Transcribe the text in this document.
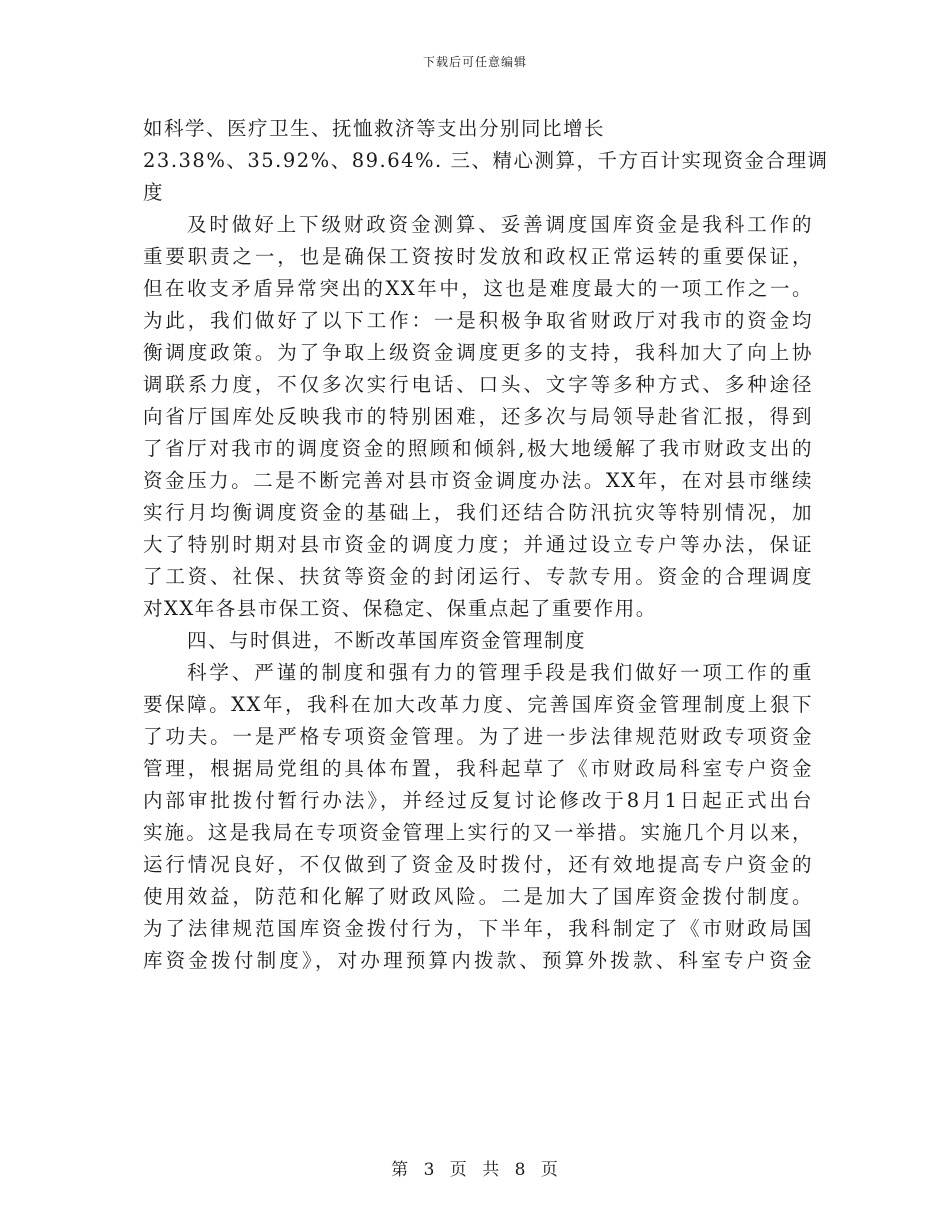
下载后可任意编辑
如科学、医疗卫生、抚恤救济等支出分别同比增长
23.38%、35.92%、89.64%. 三、精心测算，千方百计实现资金合理调
度
及时做好上下级财政资金测算、妥善调度国库资金是我科工作的
重要职责之一，也是确保工资按时发放和政权正常运转的重要保证，
但在收支矛盾异常突出的XX年中，这也是难度最大的一项工作之一。
为此，我们做好了以下工作：一是积极争取省财政厅对我市的资金均
衡调度政策。为了争取上级资金调度更多的支持，我科加大了向上协
调联系力度，不仅多次实行电话、口头、文字等多种方式、多种途径
向省厅国库处反映我市的特别困难，还多次与局领导赴省汇报，得到
了省厅对我市的调度资金的照顾和倾斜,极大地缓解了我市财政支出的
资金压力。二是不断完善对县市资金调度办法。XX年，在对县市继续
实行月均衡调度资金的基础上，我们还结合防汛抗灾等特别情况，加
大了特别时期对县市资金的调度力度；并通过设立专户等办法，保证
了工资、社保、扶贫等资金的封闭运行、专款专用。资金的合理调度
对XX年各县市保工资、保稳定、保重点起了重要作用。
四、与时俱进，不断改革国库资金管理制度
科学、严谨的制度和强有力的管理手段是我们做好一项工作的重
要保障。XX年，我科在加大改革力度、完善国库资金管理制度上狠下
了功夫。一是严格专项资金管理。为了进一步法律规范财政专项资金
管理，根据局党组的具体布置，我科起草了《市财政局科室专户资金
内部审批拨付暂行办法》，并经过反复讨论修改于8月1日起正式出台
实施。这是我局在专项资金管理上实行的又一举措。实施几个月以来，
运行情况良好，不仅做到了资金及时拨付，还有效地提高专户资金的
使用效益，防范和化解了财政风险。二是加大了国库资金拨付制度。
为了法律规范国库资金拨付行为，下半年，我科制定了《市财政局国
库资金拨付制度》，对办理预算内拨款、预算外拨款、科室专户资金
第 3 页 共 8 页
